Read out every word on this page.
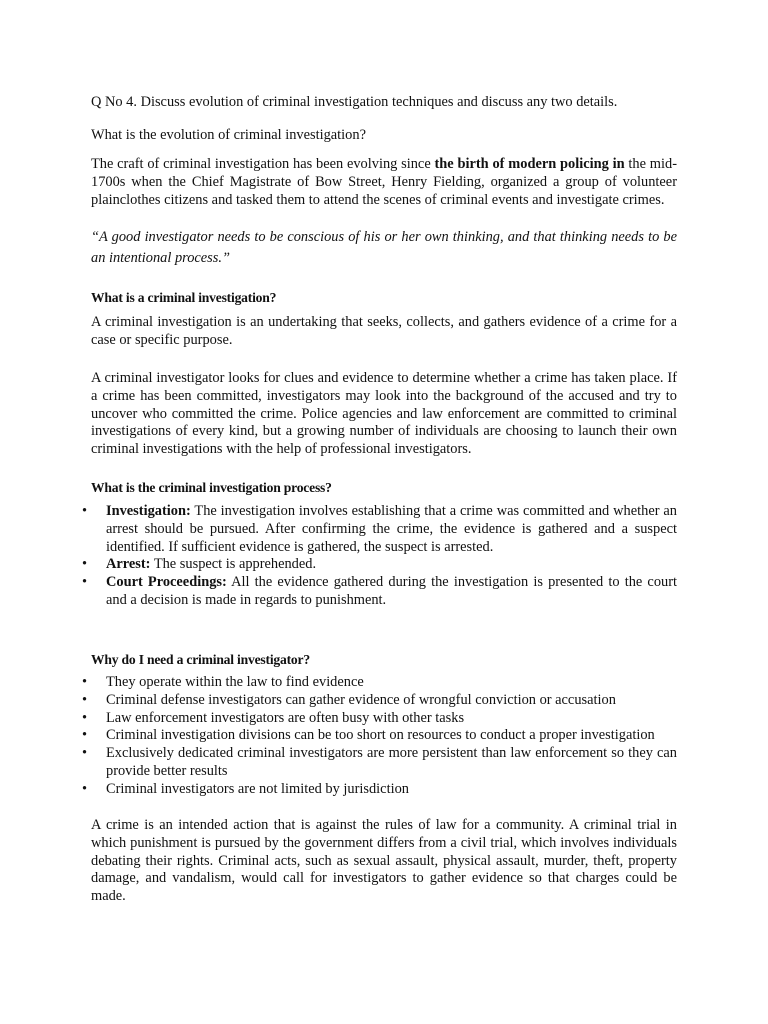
Q No 4. Discuss evolution of criminal investigation techniques and discuss any two details.

What is the evolution of criminal investigation?

The craft of criminal investigation has been evolving since the birth of modern policing in the mid-1700s when the Chief Magistrate of Bow Street, Henry Fielding, organized a group of volunteer plainclothes citizens and tasked them to attend the scenes of criminal events and investigate crimes.

“A good investigator needs to be conscious of his or her own thinking, and that thinking needs to be an intentional process.”

What is a criminal investigation?

A criminal investigation is an undertaking that seeks, collects, and gathers evidence of a crime for a case or specific purpose.

A criminal investigator looks for clues and evidence to determine whether a crime has taken place. If a crime has been committed, investigators may look into the background of the accused and try to uncover who committed the crime. Police agencies and law enforcement are committed to criminal investigations of every kind, but a growing number of individuals are choosing to launch their own criminal investigations with the help of professional investigators.

What is the criminal investigation process?

• Investigation: The investigation involves establishing that a crime was committed and whether an arrest should be pursued. After confirming the crime, the evidence is gathered and a suspect identified. If sufficient evidence is gathered, the suspect is arrested.
• Arrest: The suspect is apprehended.
• Court Proceedings: All the evidence gathered during the investigation is presented to the court and a decision is made in regards to punishment.

Why do I need a criminal investigator?

• They operate within the law to find evidence
• Criminal defense investigators can gather evidence of wrongful conviction or accusation
• Law enforcement investigators are often busy with other tasks
• Criminal investigation divisions can be too short on resources to conduct a proper investigation
• Exclusively dedicated criminal investigators are more persistent than law enforcement so they can provide better results
• Criminal investigators are not limited by jurisdiction

A crime is an intended action that is against the rules of law for a community. A criminal trial in which punishment is pursued by the government differs from a civil trial, which involves individuals debating their rights. Criminal acts, such as sexual assault, physical assault, murder, theft, property damage, and vandalism, would call for investigators to gather evidence so that charges could be made.
